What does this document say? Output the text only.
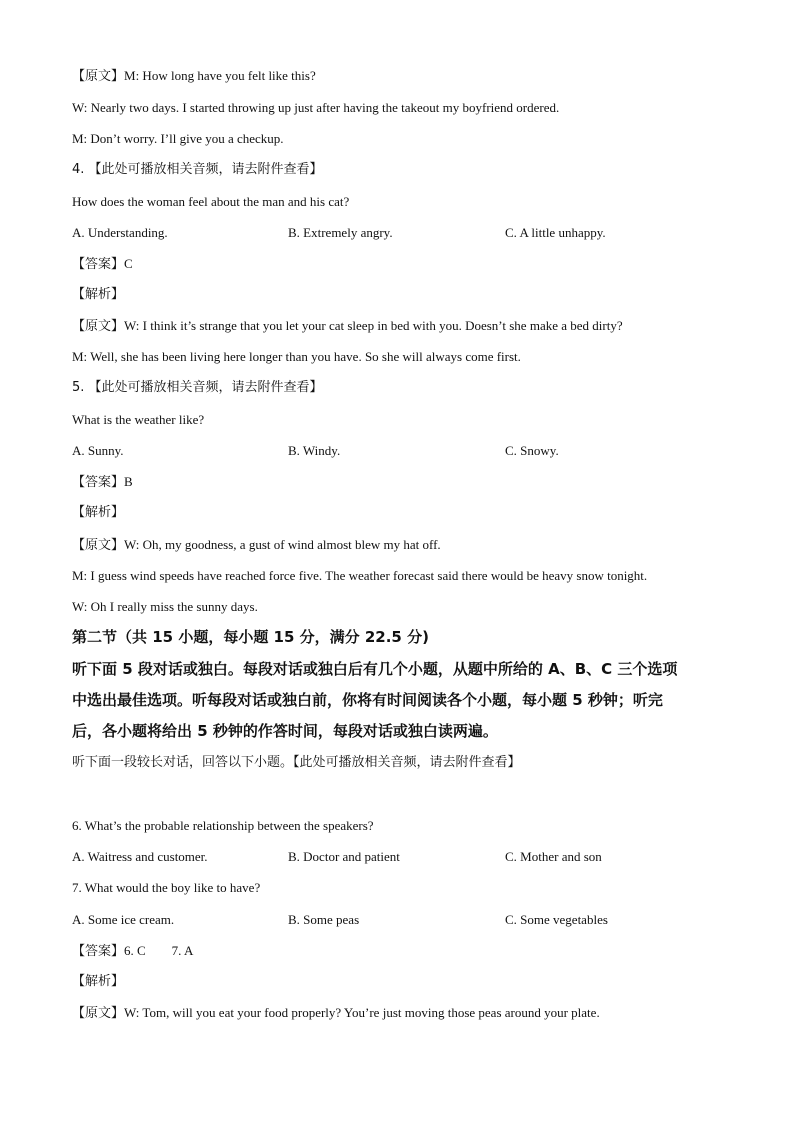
【原文】M: How long have you felt like this?
W: Nearly two days. I started throwing up just after having the takeout my boyfriend ordered.
M: Don’t worry. I’ll give you a checkup.
4. 【此处可播放相关音频，请去附件查看】
How does the woman feel about the man and his cat?
A. Understanding.	B. Extremely angry.	C. A little unhappy.
【答案】C
【解析】
【原文】W: I think it’s strange that you let your cat sleep in bed with you. Doesn’t she make a bed dirty?
M: Well, she has been living here longer than you have. So she will always come first.
5. 【此处可播放相关音频，请去附件查看】
What is the weather like?
A. Sunny.	B. Windy.	C. Snowy.
【答案】B
【解析】
【原文】W: Oh, my goodness, a gust of wind almost blew my hat off.
M: I guess wind speeds have reached force five. The weather forecast said there would be heavy snow tonight.
W: Oh I really miss the sunny days.
第二节（共 15 小题，每小题 15 分，满分 22.5 分)
听下面 5 段对话或独白。每段对话或独白后有几个小题，从题中所给的 A、B、C 三个选项
中选出最佳选项。听每段对话或独白前，你将有时间阅读各个小题，每小题 5 秒钟；听完
后，各小题将给出 5 秒钟的作答时间，每段对话或独白读两遍。
听下面一段较长对话，回答以下小题。【此处可播放相关音频，请去附件查看】
6. What’s the probable relationship between the speakers?
A. Waitress and customer.	B. Doctor and patient	C. Mother and son
7. What would the boy like to have?
A. Some ice cream.	B. Some peas	C. Some vegetables
【答案】6. C        7. A
【解析】
【原文】W: Tom, will you eat your food properly? You’re just moving those peas around your plate.
